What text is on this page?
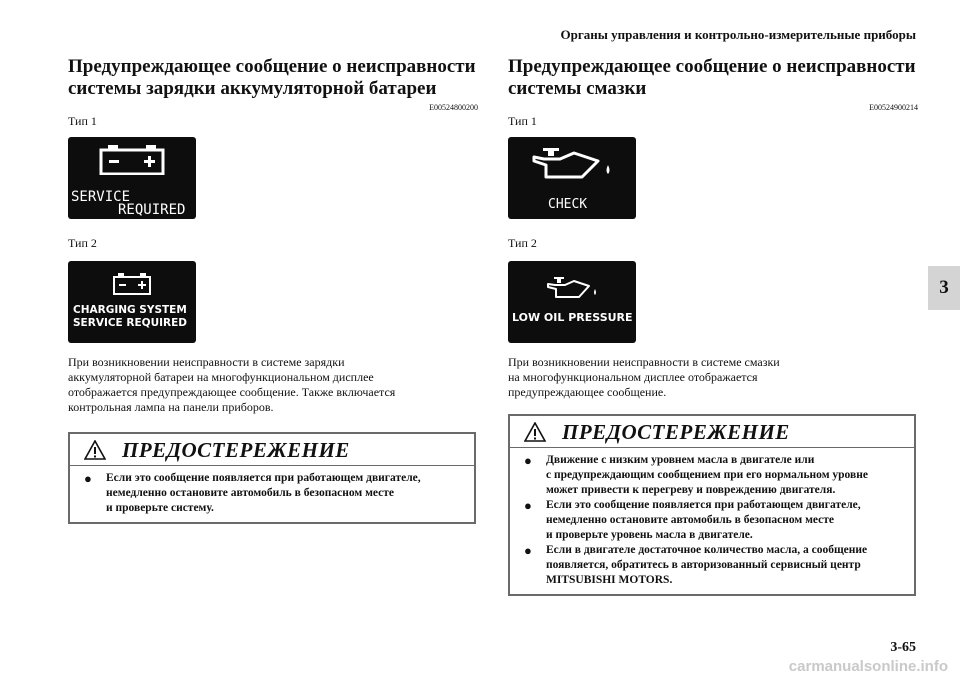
Органы управления и контрольно-измерительные приборы
3
Предупреждающее сообщение о неисправности
системы зарядки аккумуляторной батареи
E00524800200
Тип 1
SERVICE
REQUIRED
Тип 2
CHARGING SYSTEM
SERVICE REQUIRED
При возникновении неисправности в системе зарядки
аккумуляторной батареи на многофункциональном дисплее
отображается предупреждающее сообщение. Также включается
контрольная лампа на панели приборов.
ПРЕДОСТЕРЕЖЕНИЕ
●	Если это сообщение появляется при работающем двигателе,
немедленно остановите автомобиль в безопасном месте
и проверьте систему.
Предупреждающее сообщение о неисправности
системы смазки
E00524900214
Тип 1
CHECK
Тип 2
LOW OIL PRESSURE
При возникновении неисправности в системе смазки
на многофункциональном дисплее отображается
предупреждающее сообщение.
ПРЕДОСТЕРЕЖЕНИЕ
●	Движение с низким уровнем масла в двигателе или
с предупреждающим сообщением при его нормальном уровне
может привести к перегреву и повреждению двигателя.
●	Если это сообщение появляется при работающем двигателе,
немедленно остановите автомобиль в безопасном месте
и проверьте уровень масла в двигателе.
●	Если в двигателе достаточное количество масла, а сообщение
появляется, обратитесь в авторизованный сервисный центр
MITSUBISHI MOTORS.
3-65
carmanualsonline.info
